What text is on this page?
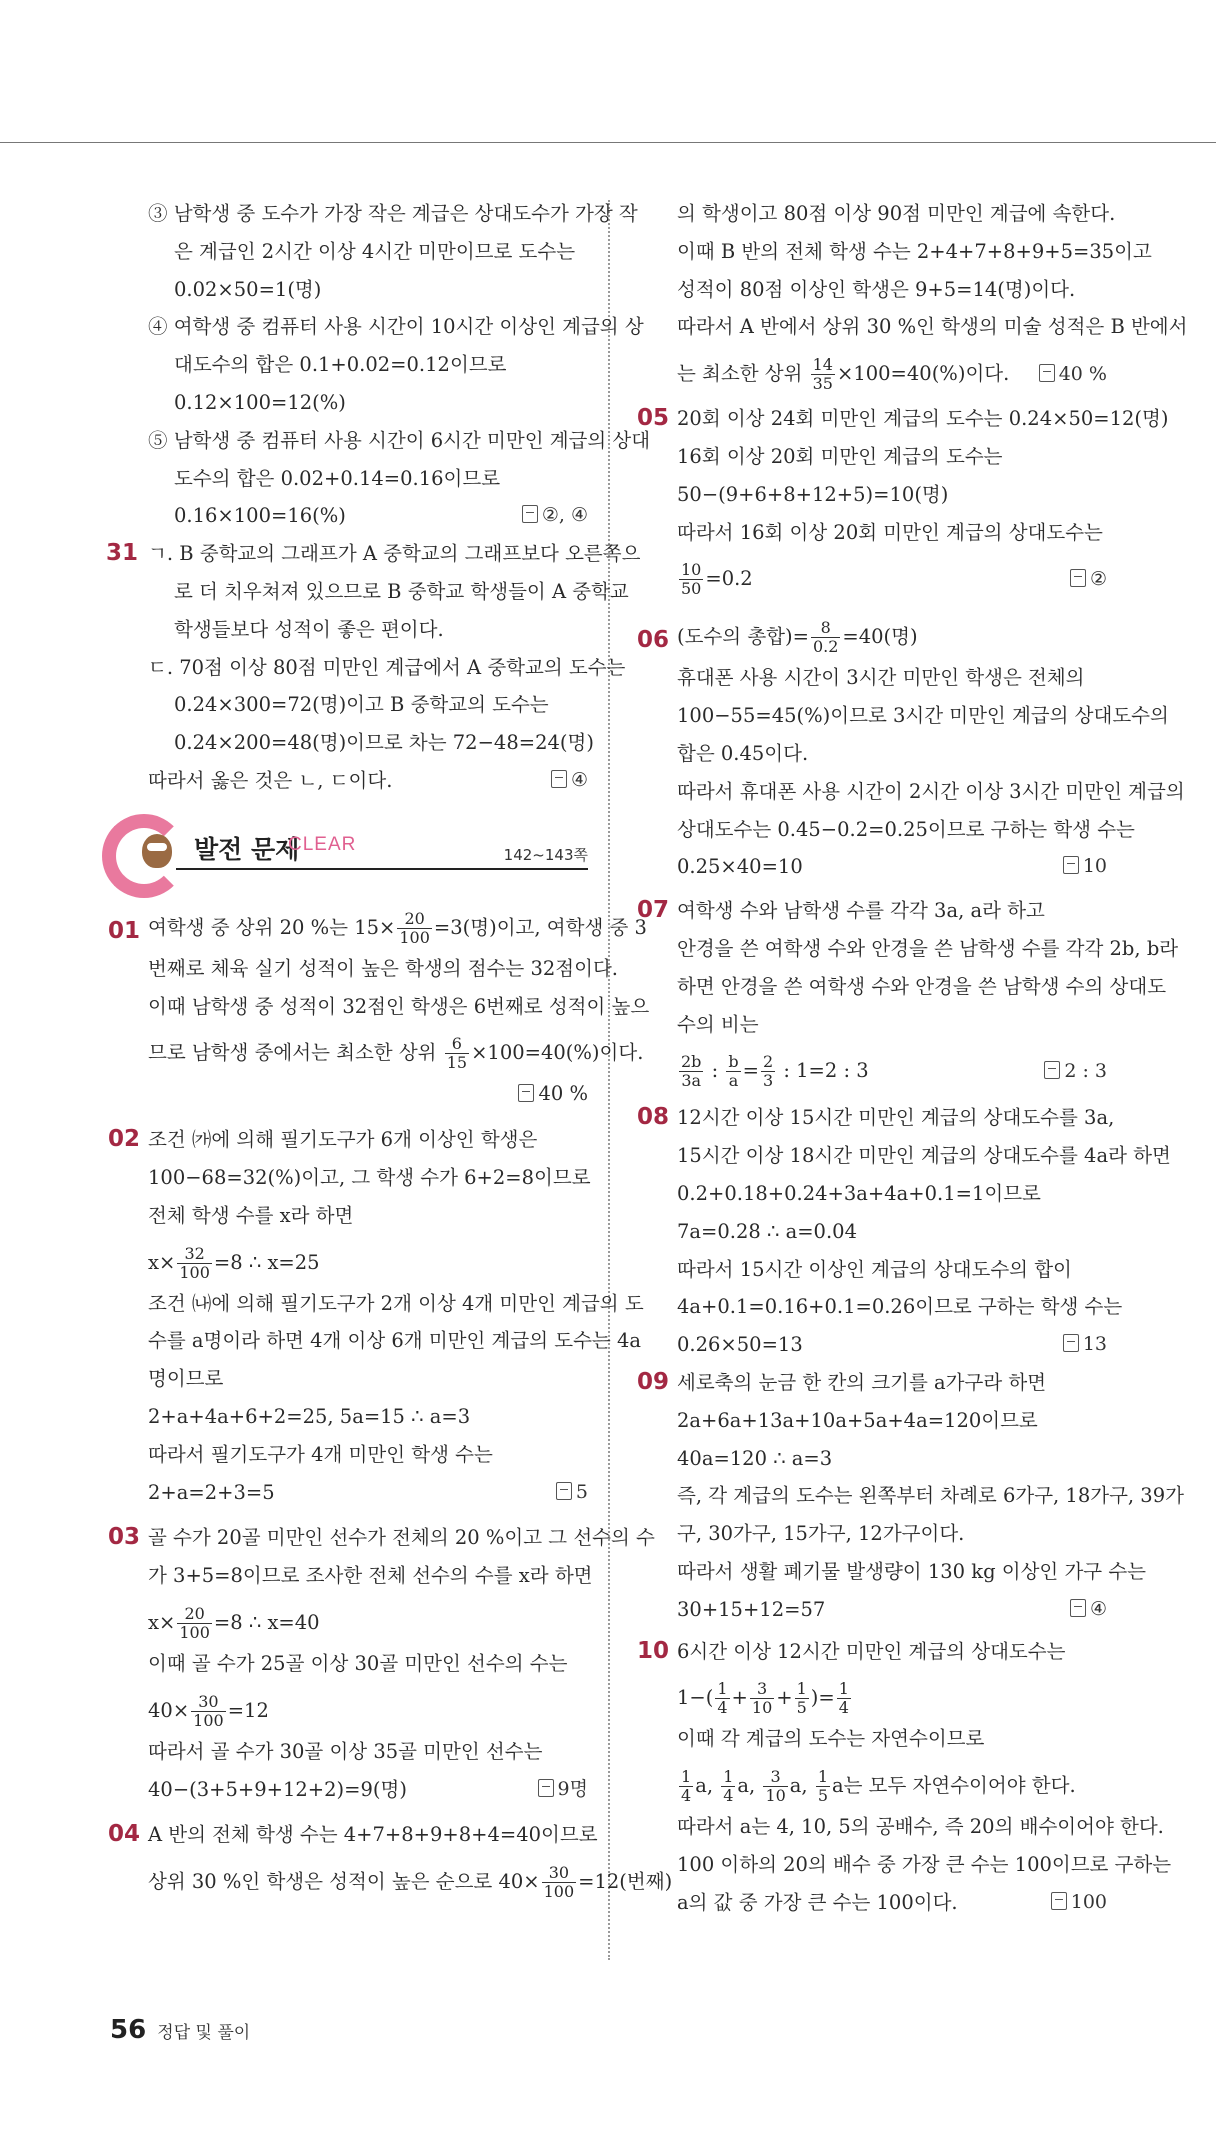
③ 남학생 중 도수가 가장 작은 계급은 상대도수가 가장 작
은 계급인 2시간 이상 4시간 미만이므로 도수는
0.02×50=1(명)
④ 여학생 중 컴퓨터 사용 시간이 10시간 이상인 계급의 상
대도수의 합은 0.1+0.02=0.12이므로
0.12×100=12(%)
⑤ 남학생 중 컴퓨터 사용 시간이 6시간 미만인 계급의 상대
도수의 합은 0.02+0.14=0.16이므로
0.16×100=16(%)	②, ④
31 ㄱ. B 중학교의 그래프가 A 중학교의 그래프보다 오른쪽으
로 더 치우쳐져 있으므로 B 중학교 학생들이 A 중학교
학생들보다 성적이 좋은 편이다.
ㄷ. 70점 이상 80점 미만인 계급에서 A 중학교의 도수는
0.24×300=72(명)이고 B 중학교의 도수는
0.24×200=48(명)이므로 차는 72−48=24(명)
따라서 옳은 것은 ㄴ, ㄷ이다.	④
발전 문제
CLEAR	142~143쪽
01 여학생 중 상위 20 %는 $15\times \frac{20}{100} =3$(명)이고, 여학생 중 3
번째로 체육 실기 성적이 높은 학생의 점수는 32점이다.
이때 남학생 중 성적이 32점인 학생은 6번째로 성적이 높으
므로 남학생 중에서는 최소한 상위 $\frac{6}{15} \times 100=40(\%)$이다.
40 %
02 조건 ㈎에 의해 필기도구가 6개 이상인 학생은
100−68=32(%)이고, 그 학생 수가 6+2=8이므로
전체 학생 수를 x라 하면
$x\times \frac{32}{100} =8$ ∴ x=25
조건 ㈏에 의해 필기도구가 2개 이상 4개 미만인 계급의 도
수를 a명이라 하면 4개 이상 6개 미만인 계급의 도수는 4a
명이므로
2+a+4a+6+2=25, 5a=15 ∴ a=3
따라서 필기도구가 4개 미만인 학생 수는
2+a=2+3=5	5
03 골 수가 20골 미만인 선수가 전체의 20 %이고 그 선수의 수
가 3+5=8이므로 조사한 전체 선수의 수를 x라 하면
$x\times \frac{20}{100} =8$ ∴ x=40
이때 골 수가 25골 이상 30골 미만인 선수의 수는
$40\times \frac{30}{100} =12$
따라서 골 수가 30골 이상 35골 미만인 선수는
40−(3+5+9+12+2)=9(명)	9명
04 A 반의 전체 학생 수는 4+7+8+9+8+4=40이므로
상위 30 %인 학생은 성적이 높은 순으로 $40\times \frac{30}{100} =12$(번째)
의 학생이고 80점 이상 90점 미만인 계급에 속한다.
이때 B 반의 전체 학생 수는 2+4+7+8+9+5=35이고
성적이 80점 이상인 학생은 9+5=14(명)이다.
따라서 A 반에서 상위 30 %인 학생의 미술 성적은 B 반에서
는 최소한 상위 $\frac{14}{35} \times 100=40(\%)$이다.	40 %
05 20회 이상 24회 미만인 계급의 도수는 0.24×50=12(명)
16회 이상 20회 미만인 계급의 도수는
50−(9+6+8+12+5)=10(명)
따라서 16회 이상 20회 미만인 계급의 상대도수는
$\frac{10}{50} =0.2$	②
06 (도수의 총합)= $\frac{8}{0.2} =40$(명)
휴대폰 사용 시간이 3시간 미만인 학생은 전체의
100−55=45(%)이므로 3시간 미만인 계급의 상대도수의
합은 0.45이다.
따라서 휴대폰 사용 시간이 2시간 이상 3시간 미만인 계급의
상대도수는 0.45−0.2=0.25이므로 구하는 학생 수는
0.25×40=10	10
07 여학생 수와 남학생 수를 각각 3a, a라 하고
안경을 쓴 여학생 수와 안경을 쓴 남학생 수를 각각 2b, b라
하면 안경을 쓴 여학생 수와 안경을 쓴 남학생 수의 상대도
수의 비는
$\frac{2b}{3a}$ : $\frac{b}{a} = \frac{2}{3}$ : 1=2 : 3	2 : 3
08 12시간 이상 15시간 미만인 계급의 상대도수를 3a,
15시간 이상 18시간 미만인 계급의 상대도수를 4a라 하면
0.2+0.18+0.24+3a+4a+0.1=1이므로
7a=0.28 ∴ a=0.04
따라서 15시간 이상인 계급의 상대도수의 합이
4a+0.1=0.16+0.1=0.26이므로 구하는 학생 수는
0.26×50=13	13
09 세로축의 눈금 한 칸의 크기를 a가구라 하면
2a+6a+13a+10a+5a+4a=120이므로
40a=120 ∴ a=3
즉, 각 계급의 도수는 왼쪽부터 차례로 6가구, 18가구, 39가
구, 30가구, 15가구, 12가구이다.
따라서 생활 폐기물 발생량이 130 kg 이상인 가구 수는
30+15+12=57	④
10 6시간 이상 12시간 미만인 계급의 상대도수는
$1-( \frac{1}{4} + \frac{3}{10} + \frac{1}{5}$ )= $\frac{1}{4}$
이때 각 계급의 도수는 자연수이므로
$\frac{1}{4} a$, $\frac{1}{4} a$, $\frac{3}{10} a$, $\frac{1}{5}$ a는 모두 자연수이어야 한다.
따라서 a는 4, 10, 5의 공배수, 즉 20의 배수이어야 한다.
100 이하의 20의 배수 중 가장 큰 수는 100이므로 구하는
a의 값 중 가장 큰 수는 100이다.	100
56 정답 및 풀이
